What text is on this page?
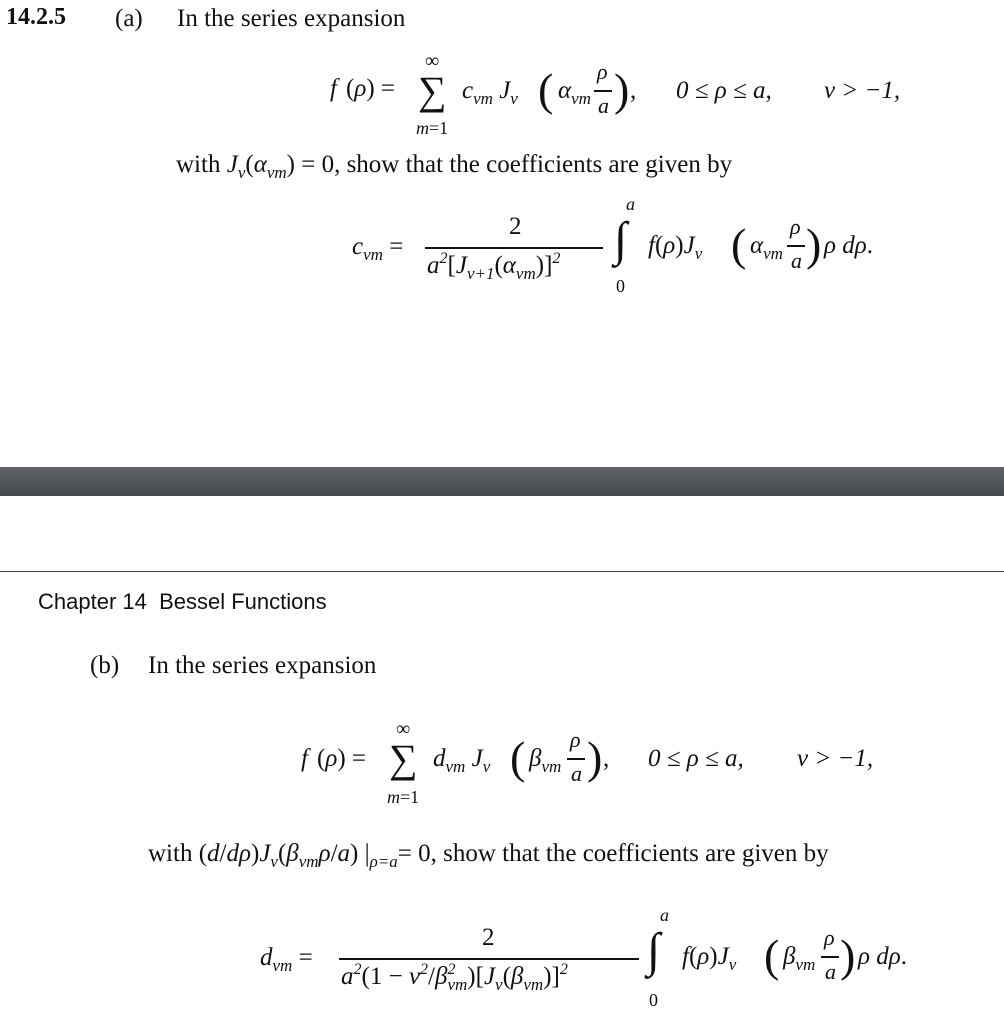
14.2.5 (a) In the series expansion
f (ρ) =
∞
∑
m=1
$c_{\nu m}$ $J_\nu$ ( $\alpha_{\nu m}$
ρ
a ) , 0 ≤ ρ ≤ a, ν > −1,
with $J_\nu(\alpha_{\nu m}) = 0$, show that the coefficients are given by
$c_{\nu m}$ =
2
$a^2[J_{\nu+1}(\alpha_{\nu m})]^2$
a
∫
0
$f(\rho)J_\nu$ ( $\alpha_{\nu m}$
ρ
a ) ρ dρ.
Chapter 14 Bessel Functions
(b) In the series expansion
f (ρ) =
∞
∑
m=1
$d_{\nu m}$ $J_\nu$ ( $\beta_{\nu m}$
ρ
a ) , 0 ≤ ρ ≤ a, ν > −1,
with $(d/d\rho)J_\nu(\beta_{\nu m}\rho/a)$ $|_{\rho=a}= 0$, show that the coefficients are given by
$d_{\nu m}$ =
2
$a^2(1 - \nu^2/\beta^2_{\nu m})[J_\nu(\beta_{\nu m})]^2$
a
∫
0
$f(\rho)J_\nu$ ( $\beta_{\nu m}$
ρ
a ) ρ dρ.
